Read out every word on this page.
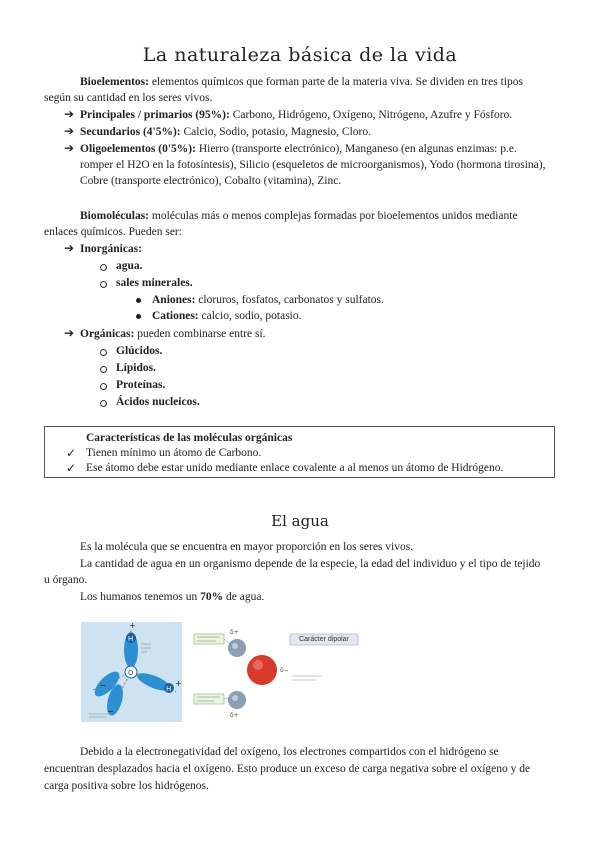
La naturaleza básica de la vida
Bioelementos: elementos químicos que forman parte de la materia viva. Se dividen en tres tipos
según su cantidad en los seres vivos.
➔ Principales / primarios (95%): Carbono, Hidrógeno, Oxígeno, Nitrógeno, Azufre y Fósforo.
➔ Secundarios (4'5%): Calcio, Sodio, potasio, Magnesio, Cloro.
➔ Oligoelementos (0'5%): Hierro (transporte electrónico), Manganeso (en algunas enzimas: p.e.
romper el H2O en la fotosíntesis), Silicio (esqueletos de microorganismos), Yodo (hormona tirosina),
Cobre (transporte electrónico), Cobalto (vitamina), Zinc.
Biomoléculas: moléculas más o menos complejas formadas por bioelementos unidos mediante
enlaces químicos. Pueden ser:
➔ Inorgánicas:
agua.
sales minerales.
Aniones: cloruros, fosfatos, carbonatos y sulfatos.
Cationes: calcio, sodio, potasio.
➔ Orgánicas: pueden combinarse entre sí.
Glúcidos.
Lípidos.
Proteínas.
Ácidos nucleicos.
Características de las moléculas orgánicas
✓ Tienen mínimo un átomo de Carbono.
✓ Ese átomo debe estar unido mediante enlace covalente a al menos un átomo de Hidrógeno.
El agua
Es la molécula que se encuentra en mayor proporción en los seres vivos.
La cantidad de agua en un organismo depende de la especie, la edad del individuo y el tipo de tejido
u órgano.
Los humanos tenemos un 70% de agua.
H
H
O
+
+
−
−
δ+
δ+
δ−
Carácter dipolar
Debido a la electronegatividad del oxígeno, los electrones compartidos con el hidrógeno se
encuentran desplazados hacia el oxígeno. Esto produce un exceso de carga negativa sobre el oxígeno y de
carga positiva sobre los hidrógenos.
